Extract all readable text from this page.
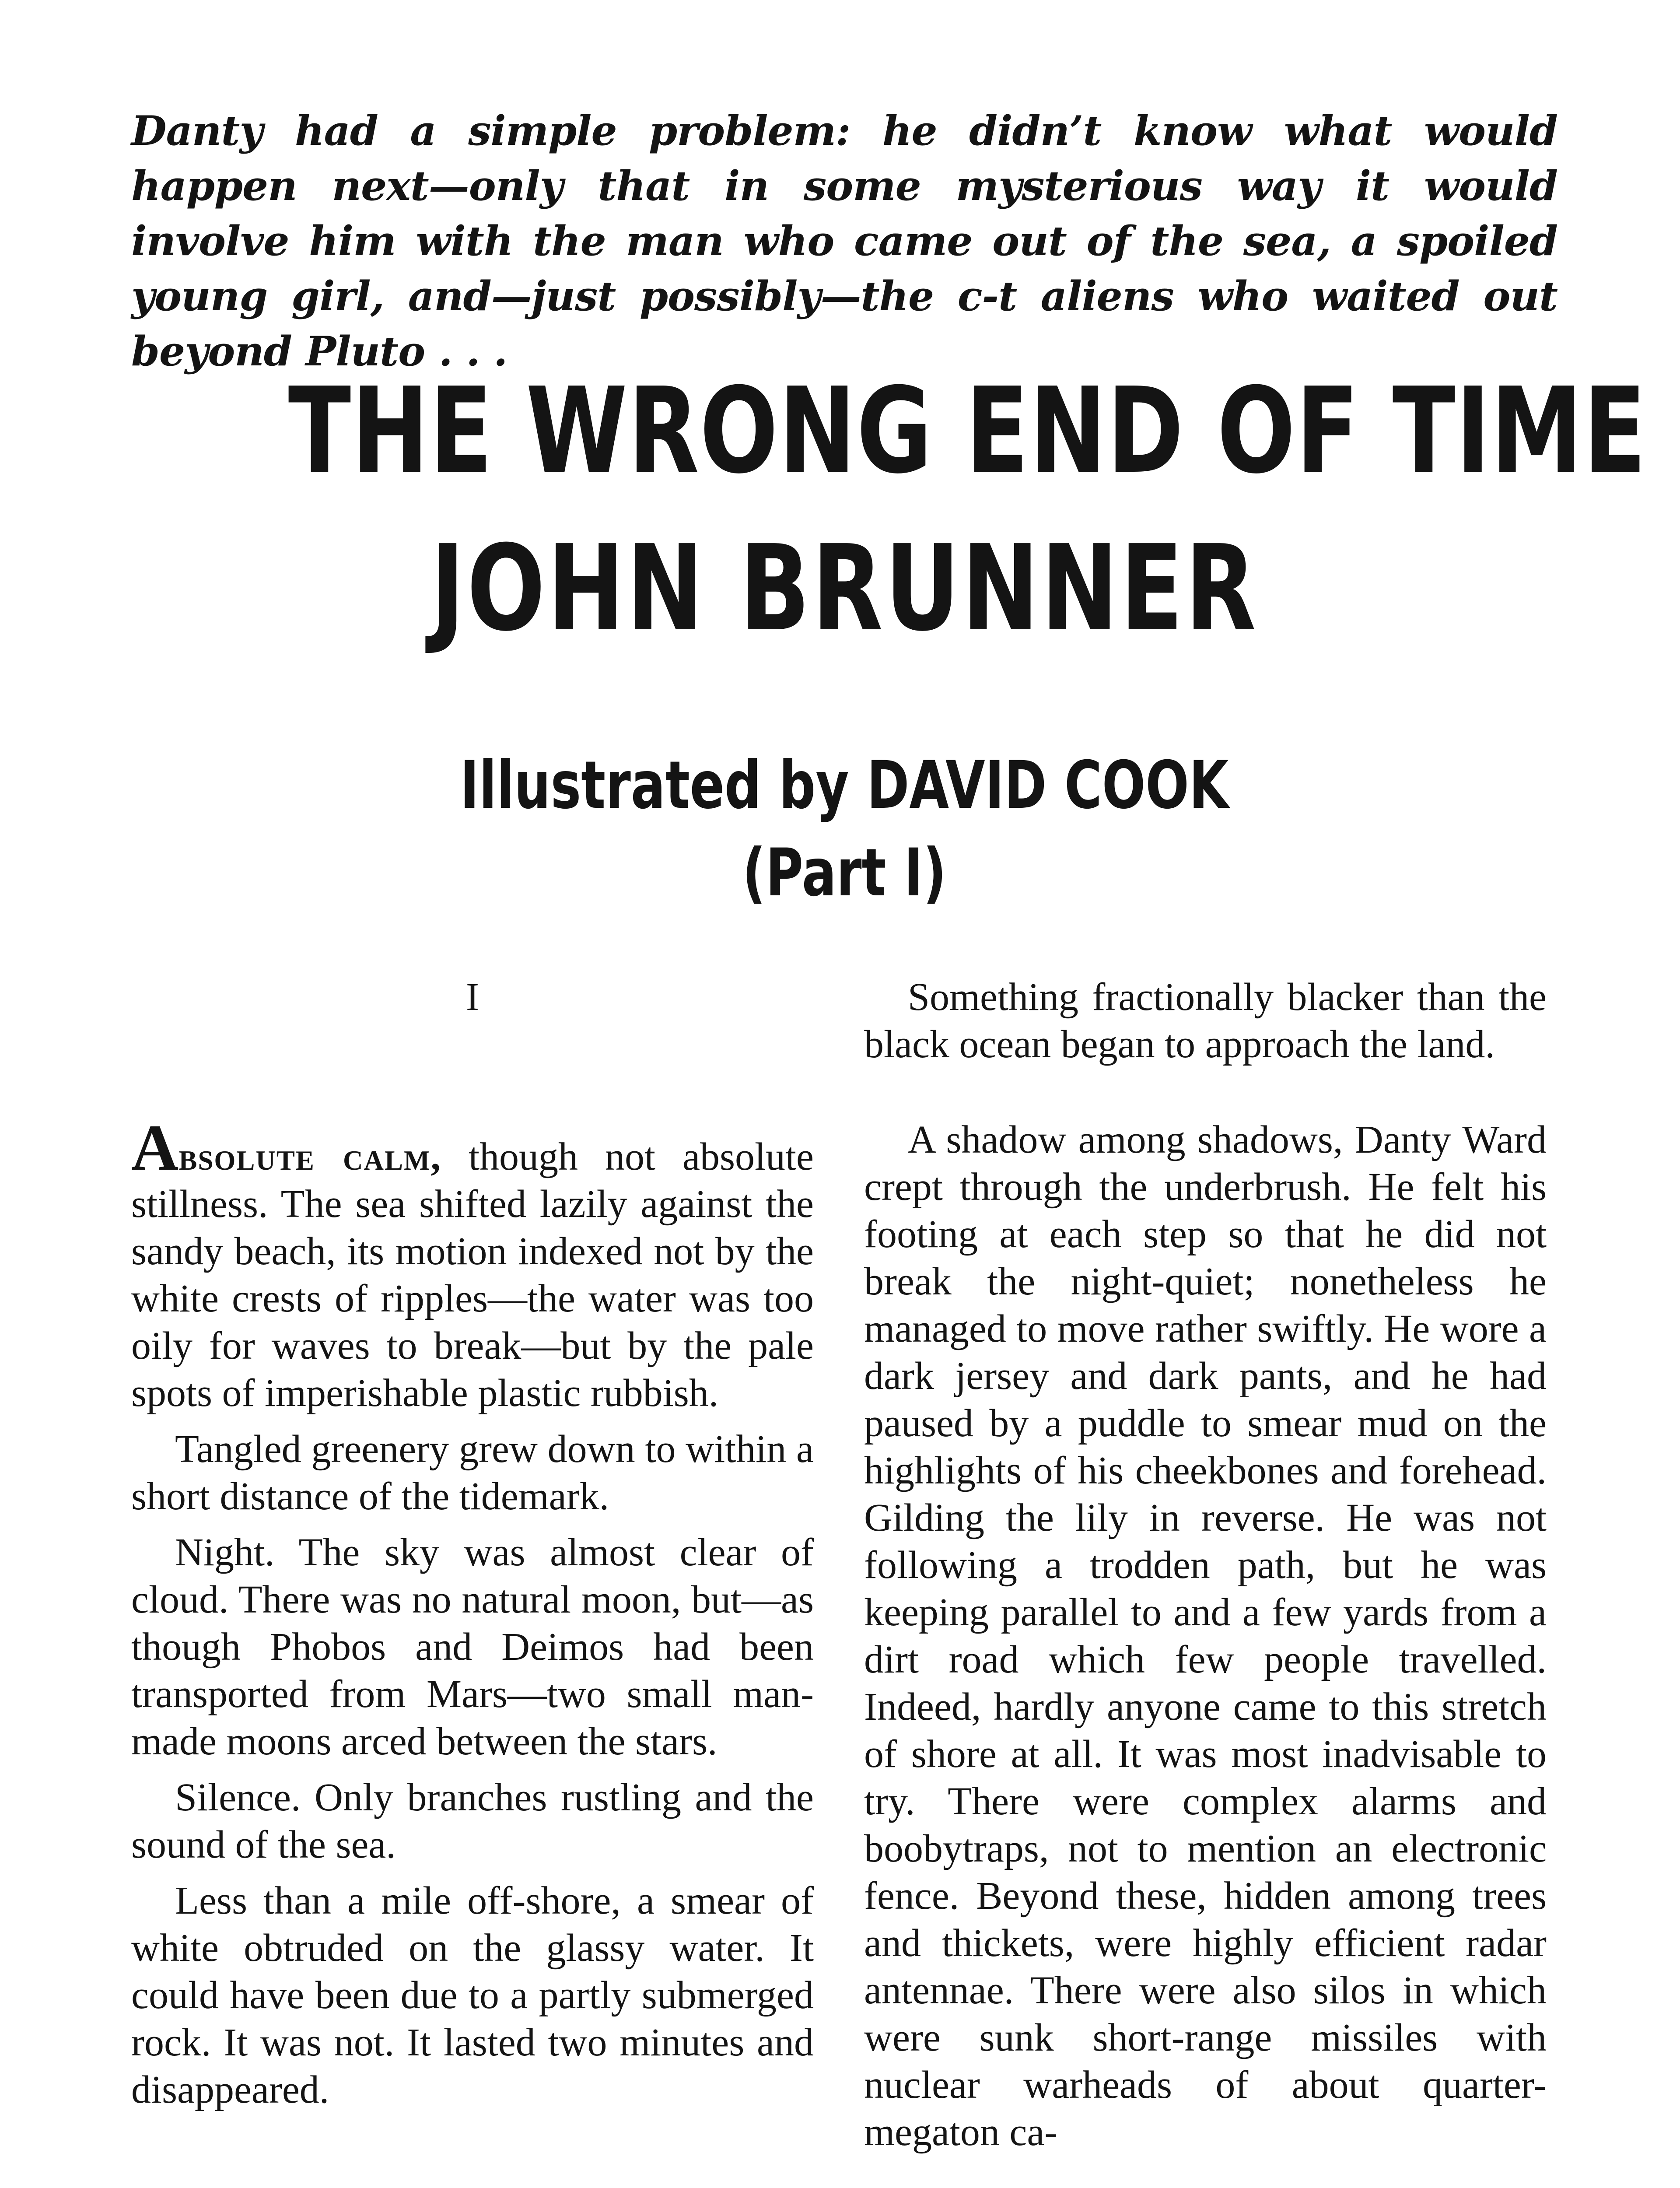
Danty had a simple problem: he didn’t know what would happen next—only that in some mysterious way it would involve him with the man who came out of the sea, a spoiled young girl, and—just possibly—the c-t aliens who waited out beyond Pluto . . .
THE WRONG END OF TIME
JOHN BRUNNER
Illustrated by DAVID COOK
(Part I)
I

Absolute calm, though not absolute stillness. The sea shifted lazily against the sandy beach, its motion indexed not by the white crests of ripples—the water was too oily for waves to break—but by the pale spots of imperishable plastic rubbish.

Tangled greenery grew down to within a short distance of the tidemark.

Night. The sky was almost clear of cloud. There was no natural moon, but—as though Phobos and Deimos had been transported from Mars—two small man-made moons arced between the stars.

Silence. Only branches rustling and the sound of the sea.

Less than a mile off-shore, a smear of white obtruded on the glassy water. It could have been due to a partly submerged rock. It was not. It lasted two minutes and disappeared.

Something fractionally blacker than the black ocean began to approach the land.

A shadow among shadows, Danty Ward crept through the underbrush. He felt his footing at each step so that he did not break the night-quiet; nonetheless he managed to move rather swiftly. He wore a dark jersey and dark pants, and he had paused by a puddle to smear mud on the highlights of his cheekbones and forehead. Gilding the lily in reverse. He was not following a trodden path, but he was keeping parallel to and a few yards from a dirt road which few people travelled. Indeed, hardly anyone came to this stretch of shore at all. It was most inadvisable to try. There were complex alarms and boobytraps, not to mention an electronic fence. Beyond these, hidden among trees and thickets, were highly efficient radar antennae. There were also silos in which were sunk short-range missiles with nuclear warheads of about quarter-megaton ca-
